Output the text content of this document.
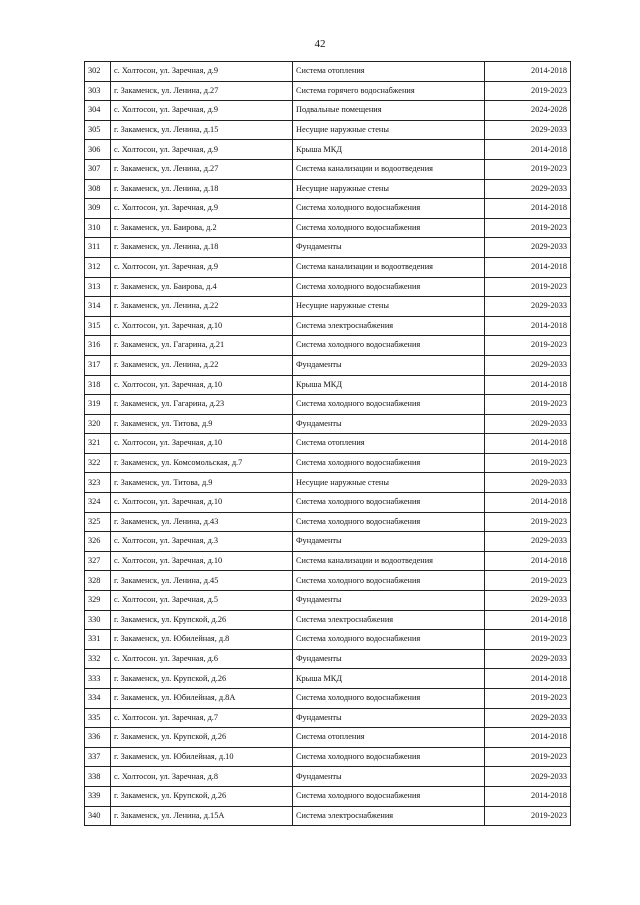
42
302	с. Холтосон, ул. Заречная, д.9	Система отопления	2014-2018
303	г. Закаменск, ул. Ленина, д.27	Система горячего водоснабжения	2019-2023
304	с. Холтосон, ул. Заречная, д.9	Подвальные помещения	2024-2028
305	г. Закаменск, ул. Ленина, д.15	Несущие наружные стены	2029-2033
306	с. Холтосон, ул. Заречная, д.9	Крыша МКД	2014-2018
307	г. Закаменск, ул. Ленина, д.27	Система канализации и водоотведения	2019-2023
308	г. Закаменск, ул. Ленина, д.18	Несущие наружные стены	2029-2033
309	с. Холтосон, ул. Заречная, д.9	Система холодного водоснабжения	2014-2018
310	г. Закаменск, ул. Баирова, д.2	Система холодного водоснабжения	2019-2023
311	г. Закаменск, ул. Ленина, д.18	Фундаменты	2029-2033
312	с. Холтосон, ул. Заречная, д.9	Система канализации и водоотведения	2014-2018
313	г. Закаменск, ул. Баирова, д.4	Система холодного водоснабжения	2019-2023
314	г. Закаменск, ул. Ленина, д.22	Несущие наружные стены	2029-2033
315	с. Холтосон, ул. Заречная, д.10	Система электроснабжения	2014-2018
316	г. Закаменск, ул. Гагарина, д.21	Система холодного водоснабжения	2019-2023
317	г. Закаменск, ул. Ленина, д.22	Фундаменты	2029-2033
318	с. Холтосон, ул. Заречная, д.10	Крыша МКД	2014-2018
319	г. Закаменск, ул. Гагарина, д.23	Система холодного водоснабжения	2019-2023
320	г. Закаменск, ул. Титова, д.9	Фундаменты	2029-2033
321	с. Холтосон, ул. Заречная, д.10	Система отопления	2014-2018
322	г. Закаменск, ул. Комсомольская, д.7	Система холодного водоснабжения	2019-2023
323	г. Закаменск, ул. Титова, д.9	Несущие наружные стены	2029-2033
324	с. Холтосон, ул. Заречная, д.10	Система холодного водоснабжения	2014-2018
325	г. Закаменск, ул. Ленина, д.43	Система холодного водоснабжения	2019-2023
326	с. Холтосон, ул. Заречная, д.3	Фундаменты	2029-2033
327	с. Холтосон, ул. Заречная, д.10	Система канализации и водоотведения	2014-2018
328	г. Закаменск, ул. Ленина, д.45	Система холодного водоснабжения	2019-2023
329	с. Холтосон, ул. Заречная, д.5	Фундаменты	2029-2033
330	г. Закаменск, ул. Крупской, д.26	Система электроснабжения	2014-2018
331	г. Закаменск, ул. Юбилейная, д.8	Система холодного водоснабжения	2019-2023
332	с. Холтосон. ул. Заречная, д.6	Фундаменты	2029-2033
333	г. Закаменск, ул. Крупской, д.26	Крыша МКД	2014-2018
334	г. Закаменск, ул. Юбилейная, д.8А	Система холодного водоснабжения	2019-2023
335	с. Холтосон. ул. Заречная, д.7	Фундаменты	2029-2033
336	г. Закаменск, ул. Крупской, д.26	Система отопления	2014-2018
337	г. Закаменск, ул. Юбилейная, д.10	Система холодного водоснабжения	2019-2023
338	с. Холтосон, ул. Заречная, д.8	Фундаменты	2029-2033
339	г. Закаменск, ул. Крупской, д.26	Система холодного водоснабжения	2014-2018
340	г. Закаменск, ул. Ленина, д.15А	Система электроснабжения	2019-2023
